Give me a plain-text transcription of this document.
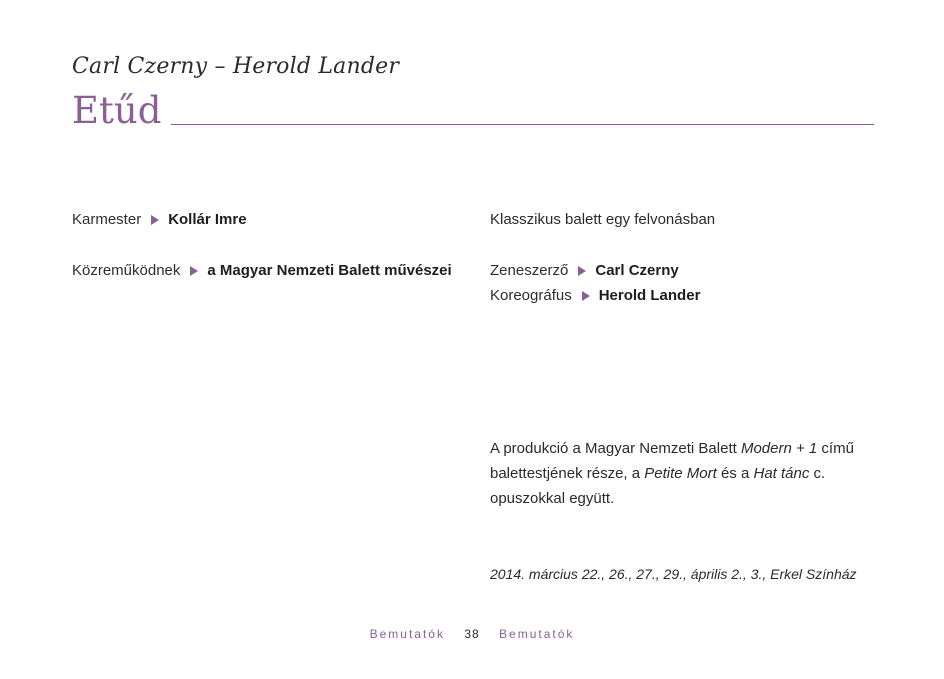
Carl Czerny – Herold Lander
Etűd
Karmester Kollár Imre
Közreműködnek a Magyar Nemzeti Balett művészei
Klasszikus balett egy felvonásban
Zeneszerző Carl Czerny
Koreográfus Herold Lander
A produkció a Magyar Nemzeti Balett Modern + 1 című balettestjének része, a Petite Mort és a Hat tánc c. opuszokkal együtt.
2014. március 22., 26., 27., 29., április 2., 3., Erkel Színház
Bemutatók 38 Bemutatók
